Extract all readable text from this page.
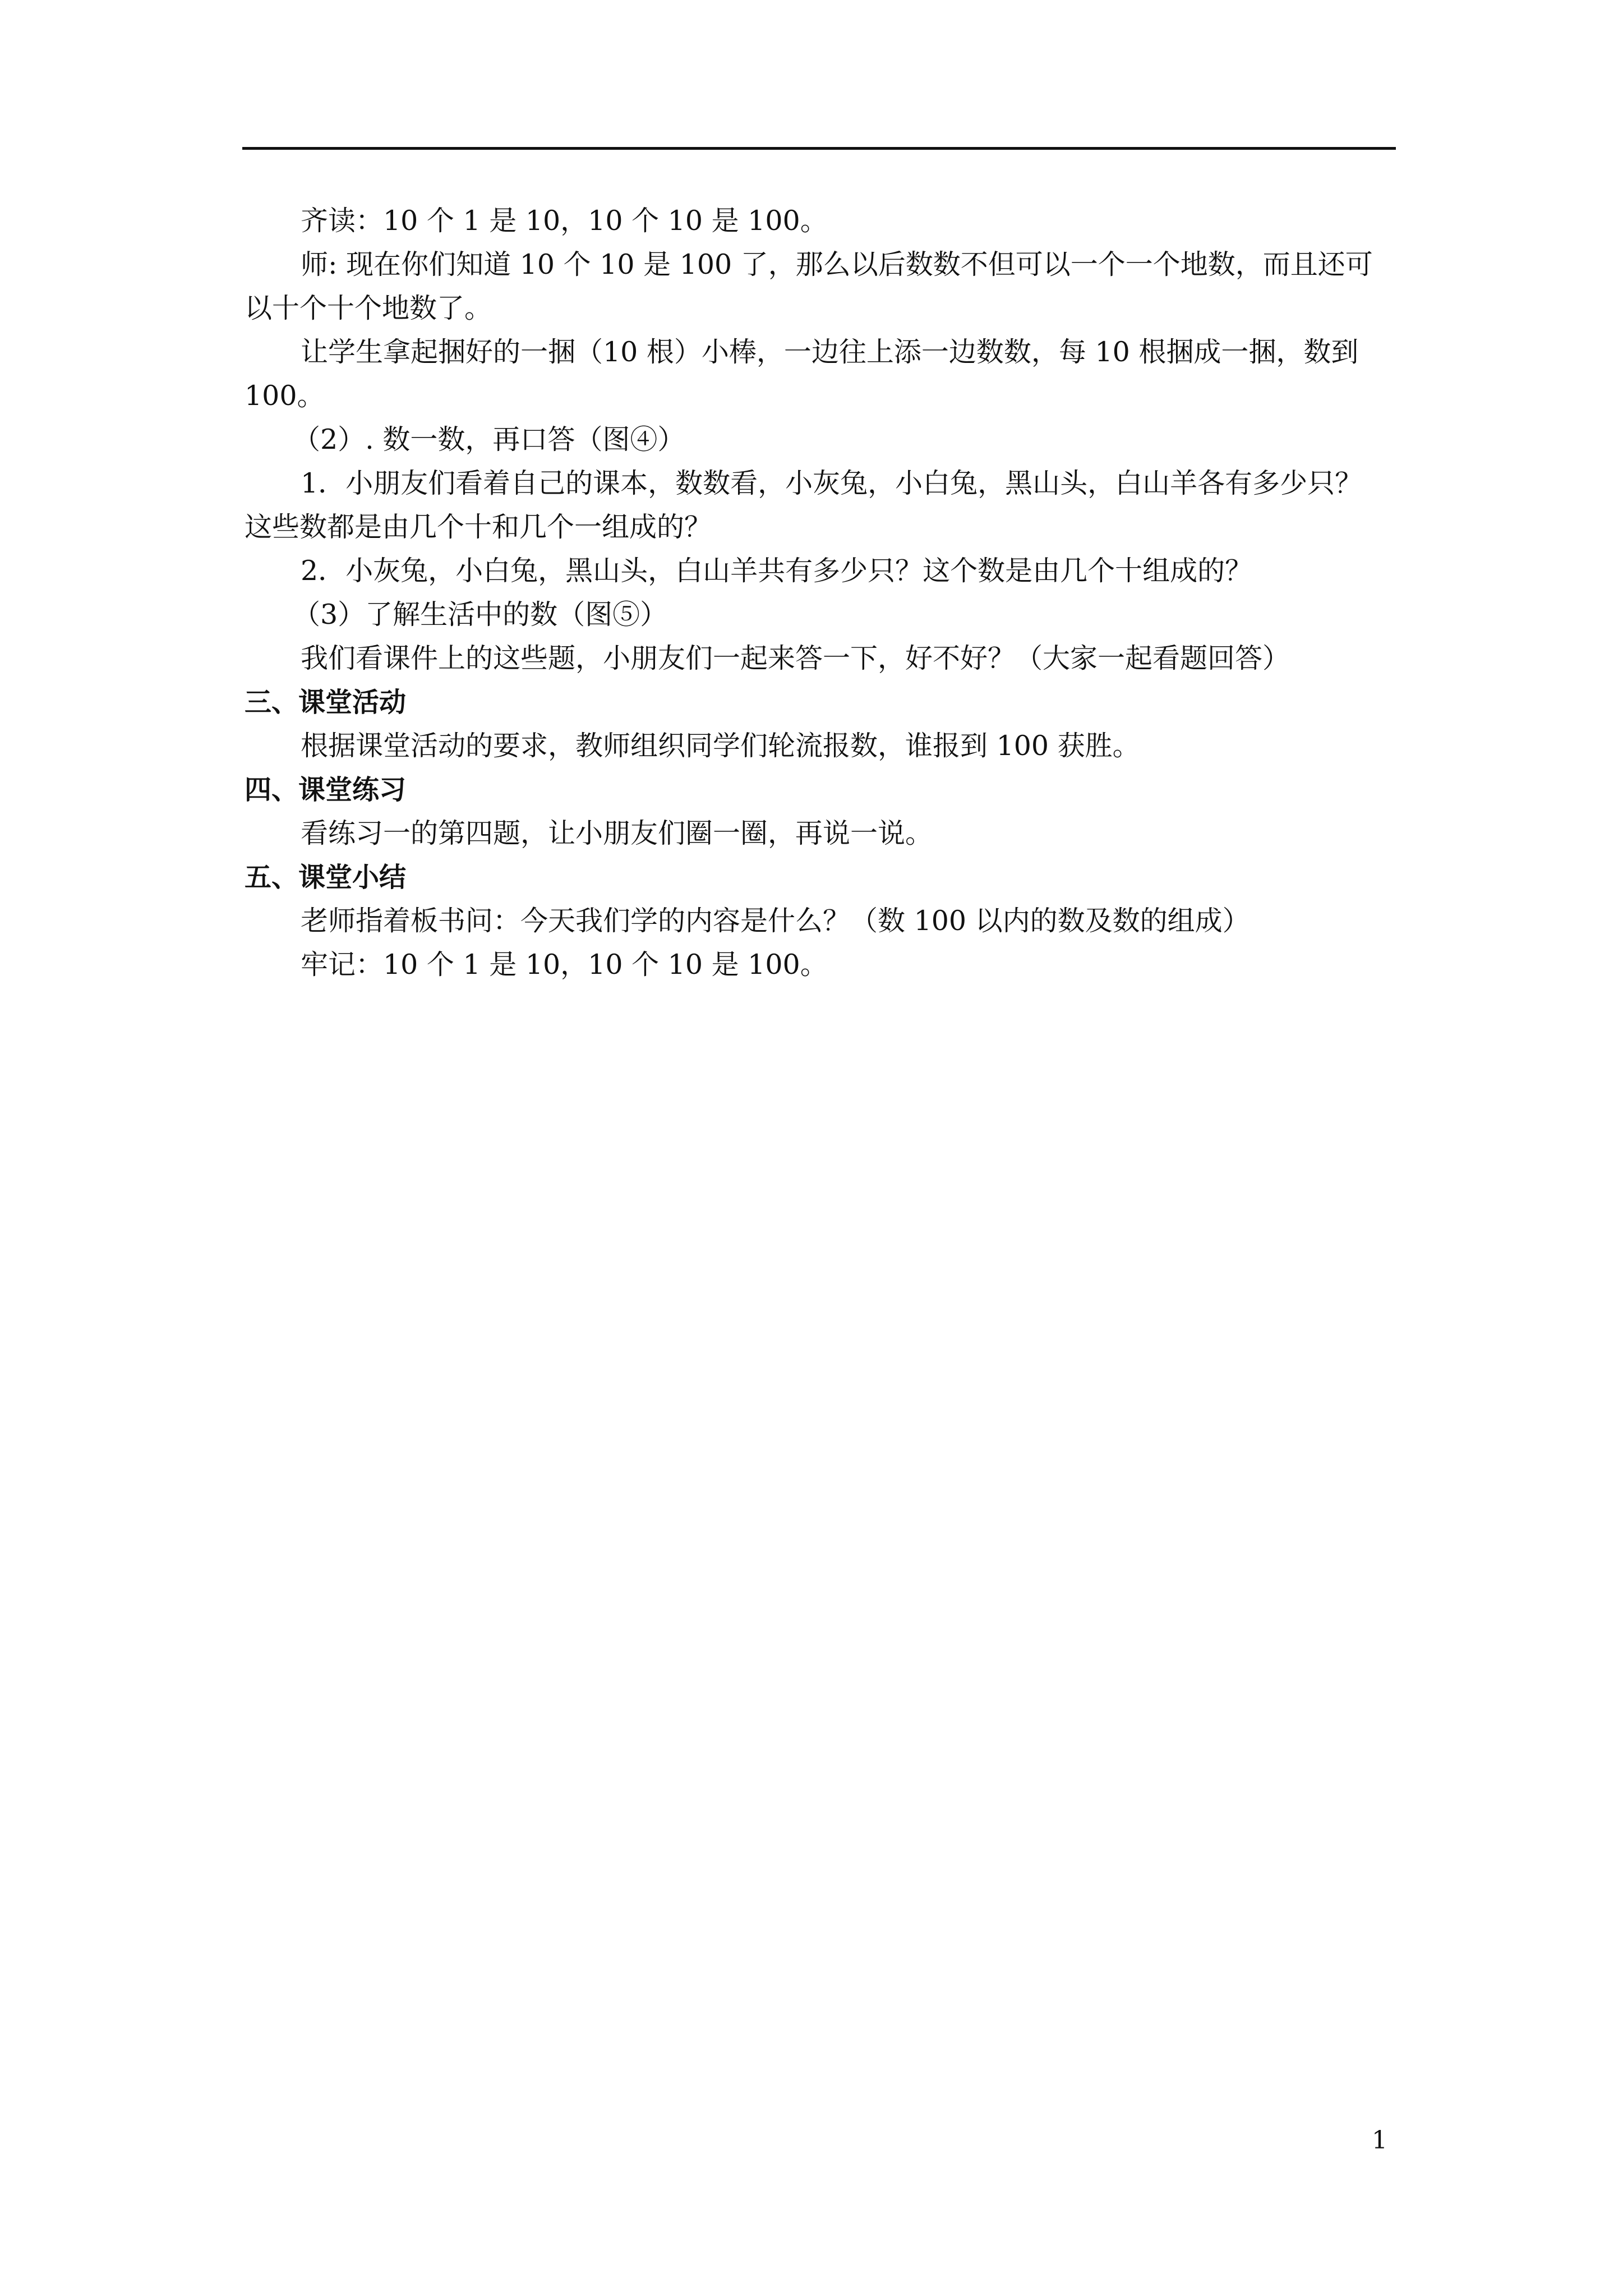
齐读：10 个 1 是 10，10 个 10 是 100。

师: 现在你们知道 10 个 10 是 100 了，那么以后数数不但可以一个一个地数，而且还可

以十个十个地数了。

让学生拿起捆好的一捆（10 根）小棒，一边往上添一边数数，每 10 根捆成一捆，数到

100。

（2）. 数一数，再口答（图④）

1．小朋友们看着自己的课本，数数看，小灰兔，小白兔，黑山头，白山羊各有多少只？

这些数都是由几个十和几个一组成的？

2．小灰兔，小白兔，黑山头，白山羊共有多少只？这个数是由几个十组成的？

（3）了解生活中的数（图⑤）

我们看课件上的这些题，小朋友们一起来答一下，好不好？（大家一起看题回答）

三、课堂活动

根据课堂活动的要求，教师组织同学们轮流报数，谁报到 100 获胜。

四、课堂练习

看练习一的第四题，让小朋友们圈一圈，再说一说。

五、课堂小结

老师指着板书问：今天我们学的内容是什么？（数 100 以内的数及数的组成）

牢记：10 个 1 是 10，10 个 10 是 100。

1
